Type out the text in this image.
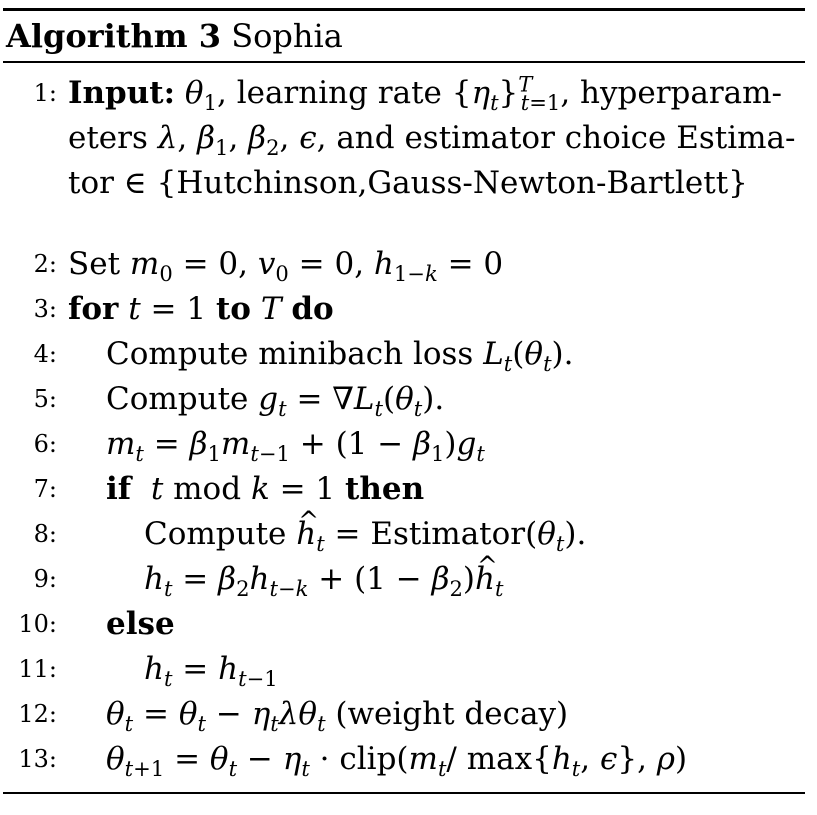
Algorithm 3 Sophia
1: Input: $\theta_1$, learning rate $\{\eta_t\}^T_{t=1}$, hyperparam-
eters λ, $\beta_1$, $\beta_2$, ϵ, and estimator choice Estima-
tor ∈ {Hutchinson,Gauss-Newton-Bartlett}
2: Set $m_0 = 0$, $v_0 = 0$, $h_{1-k} = 0$
3: for t = 1 to T do
4: Compute minibach loss $L_t(\theta_t)$.
5: Compute $g_t = \nabla L_t(\theta_t)$.
6: $m_t = \beta_1m_{t-1} + (1 - \beta_1)g_t$
7: if t mod k = 1 then
8:	Compute ^ $h_t$ = $Estimator(\theta_t)$.
9:	$h_t = \beta_2h_{t-k} + (1$ − $\beta_2)\^{}$ $h_t$
10: else
11:	$h_t = h_{t-1}$
12: $\theta_t = \theta_t - \eta_t\lambda\theta_t$ (weight decay)
13: $\theta_{t+1} = \theta_t - \eta_t$ · $clip(m_t/$ $\max\{h_t$, ϵ}, ρ)
